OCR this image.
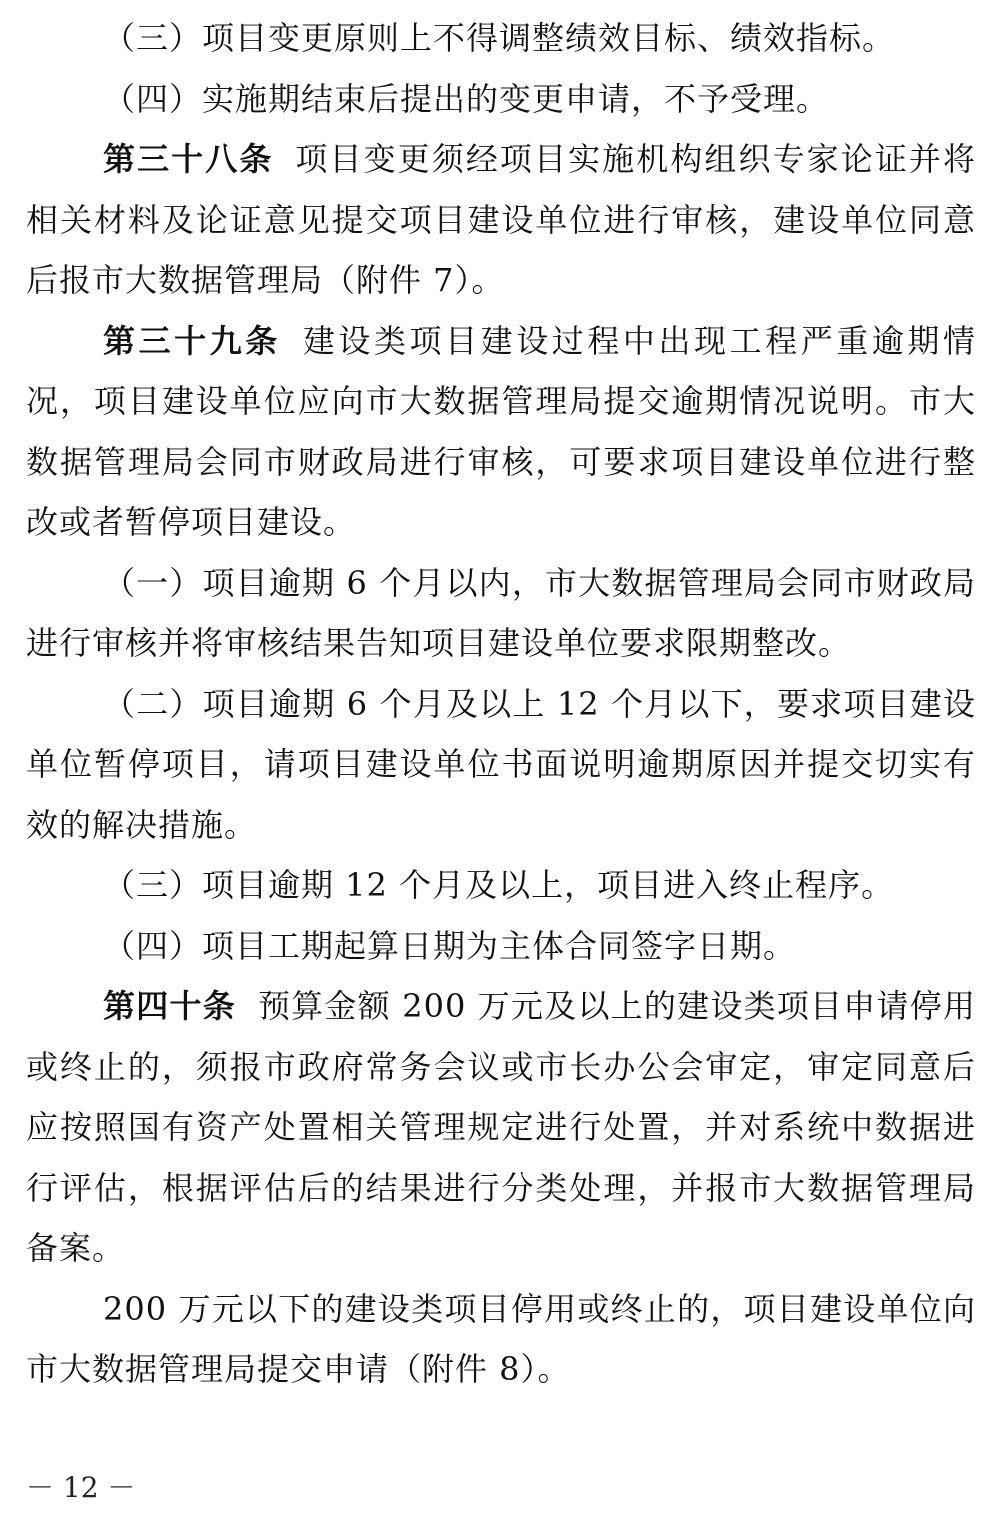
（三）项目变更原则上不得调整绩效目标、绩效指标。

（四）实施期结束后提出的变更申请，不予受理。

第三十八条 项目变更须经项目实施机构组织专家论证并将相关材料及论证意见提交项目建设单位进行审核，建设单位同意后报市大数据管理局（附件 7）。

第三十九条 建设类项目建设过程中出现工程严重逾期情况，项目建设单位应向市大数据管理局提交逾期情况说明。市大数据管理局会同市财政局进行审核，可要求项目建设单位进行整改或者暂停项目建设。

（一）项目逾期 6 个月以内，市大数据管理局会同市财政局进行审核并将审核结果告知项目建设单位要求限期整改。

（二）项目逾期 6 个月及以上 12 个月以下，要求项目建设单位暂停项目，请项目建设单位书面说明逾期原因并提交切实有效的解决措施。

（三）项目逾期 12 个月及以上，项目进入终止程序。

（四）项目工期起算日期为主体合同签字日期。

第四十条 预算金额 200 万元及以上的建设类项目申请停用或终止的，须报市政府常务会议或市长办公会审定，审定同意后应按照国有资产处置相关管理规定进行处置，并对系统中数据进行评估，根据评估后的结果进行分类处理，并报市大数据管理局备案。

200 万元以下的建设类项目停用或终止的，项目建设单位向市大数据管理局提交申请（附件 8）。

－ 12 －
